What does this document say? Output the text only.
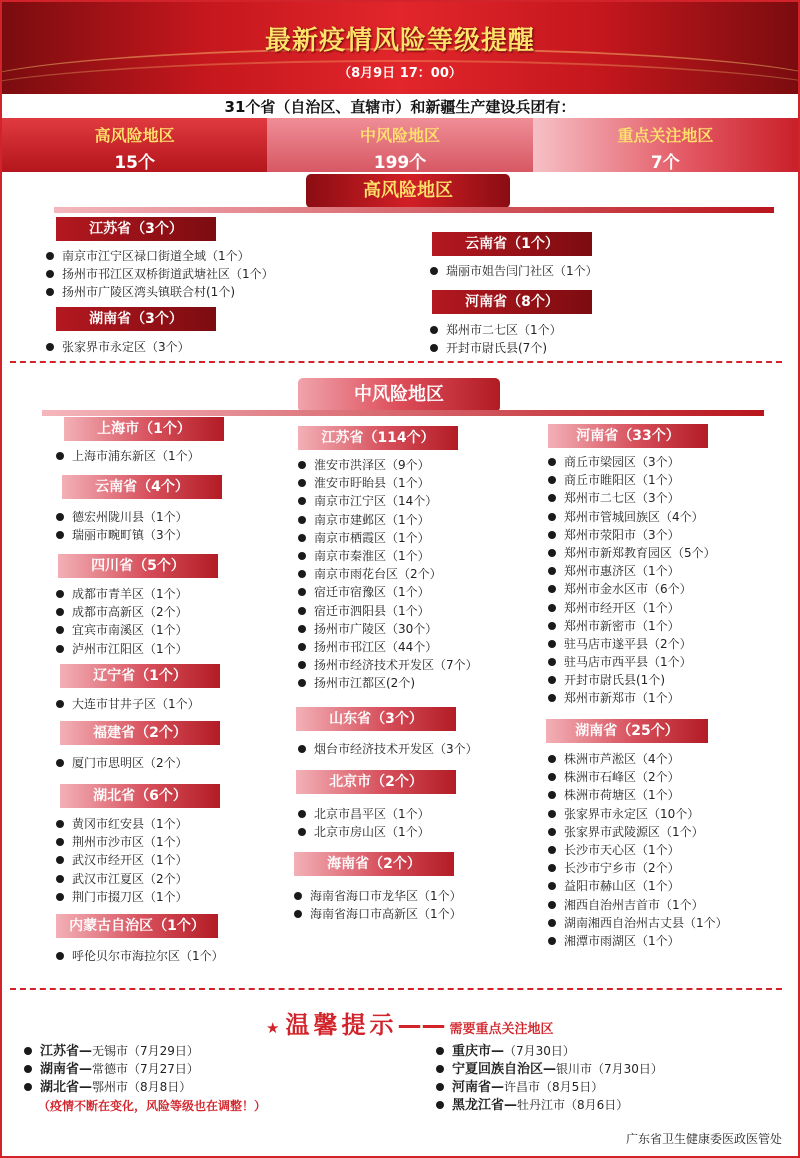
最新疫情风险等级提醒
（8月9日 17：00）
31个省（自治区、直辖市）和新疆生产建设兵团有：
高风险地区
15个
中风险地区
199个
重点关注地区
7个
高风险地区
江苏省（3个）
南京市江宁区禄口街道全域（1个）
扬州市邗江区双桥街道武塘社区（1个）
扬州市广陵区湾头镇联合村(1个)
湖南省（3个）
张家界市永定区（3个）
云南省（1个）
瑞丽市姐告闫门社区（1个）
河南省（8个）
郑州市二七区（1个）
开封市尉氏县(7个)
中风险地区
上海市（1个）
上海市浦东新区（1个）
云南省（4个）
德宏州陇川县（1个）
瑞丽市畹町镇（3个）
四川省（5个）
成都市青羊区（1个）
成都市高新区（2个）
宜宾市南溪区（1个）
泸州市江阳区（1个）
辽宁省（1个）
大连市甘井子区（1个）
福建省（2个）
厦门市思明区（2个）
湖北省（6个）
黄冈市红安县（1个）
荆州市沙市区（1个）
武汉市经开区（1个）
武汉市江夏区（2个）
荆门市掇刀区（1个）
内蒙古自治区（1个）
呼伦贝尔市海拉尔区（1个）
江苏省（114个）
淮安市洪泽区（9个）
淮安市盱眙县（1个）
南京市江宁区（14个）
南京市建邺区（1个）
南京市栖霞区（1个）
南京市秦淮区（1个）
南京市雨花台区（2个）
宿迁市宿豫区（1个）
宿迁市泗阳县（1个）
扬州市广陵区（30个）
扬州市邗江区（44个）
扬州市经济技术开发区（7个）
扬州市江都区(2个)
山东省（3个）
烟台市经济技术开发区（3个）
北京市（2个）
北京市昌平区（1个）
北京市房山区（1个）
海南省（2个）
海南省海口市龙华区（1个）
海南省海口市高新区（1个）
河南省（33个）
商丘市梁园区（3个）
商丘市睢阳区（1个）
郑州市二七区（3个）
郑州市管城回族区（4个）
郑州市荥阳市（3个）
郑州市新郑教育园区（5个）
郑州市惠济区（1个）
郑州市金水区市（6个）
郑州市经开区（1个）
郑州市新密市（1个）
驻马店市遂平县（2个）
驻马店市西平县（1个）
开封市尉氏县(1个)
郑州市新郑市（1个）
湖南省（25个）
株洲市芦淞区（4个）
株洲市石峰区（2个）
株洲市荷塘区（1个）
张家界市永定区（10个）
张家界市武陵源区（1个）
长沙市天心区（1个）
长沙市宁乡市（2个）
益阳市赫山区（1个）
湘西自治州吉首市（1个）
湖南湘西自治州古丈县（1个）
湘潭市雨湖区（1个）
★ 温馨提示 —— 需要重点关注地区
江苏省—无锡市（7月29日）
湖南省—常德市（7月27日）
湖北省—鄂州市（8月8日）
（疫情不断在变化，风险等级也在调整！）
重庆市—（7月30日）
宁夏回族自治区—银川市（7月30日）
河南省—许昌市（8月5日）
黑龙江省—牡丹江市（8月6日）
广东省卫生健康委医政医管处
